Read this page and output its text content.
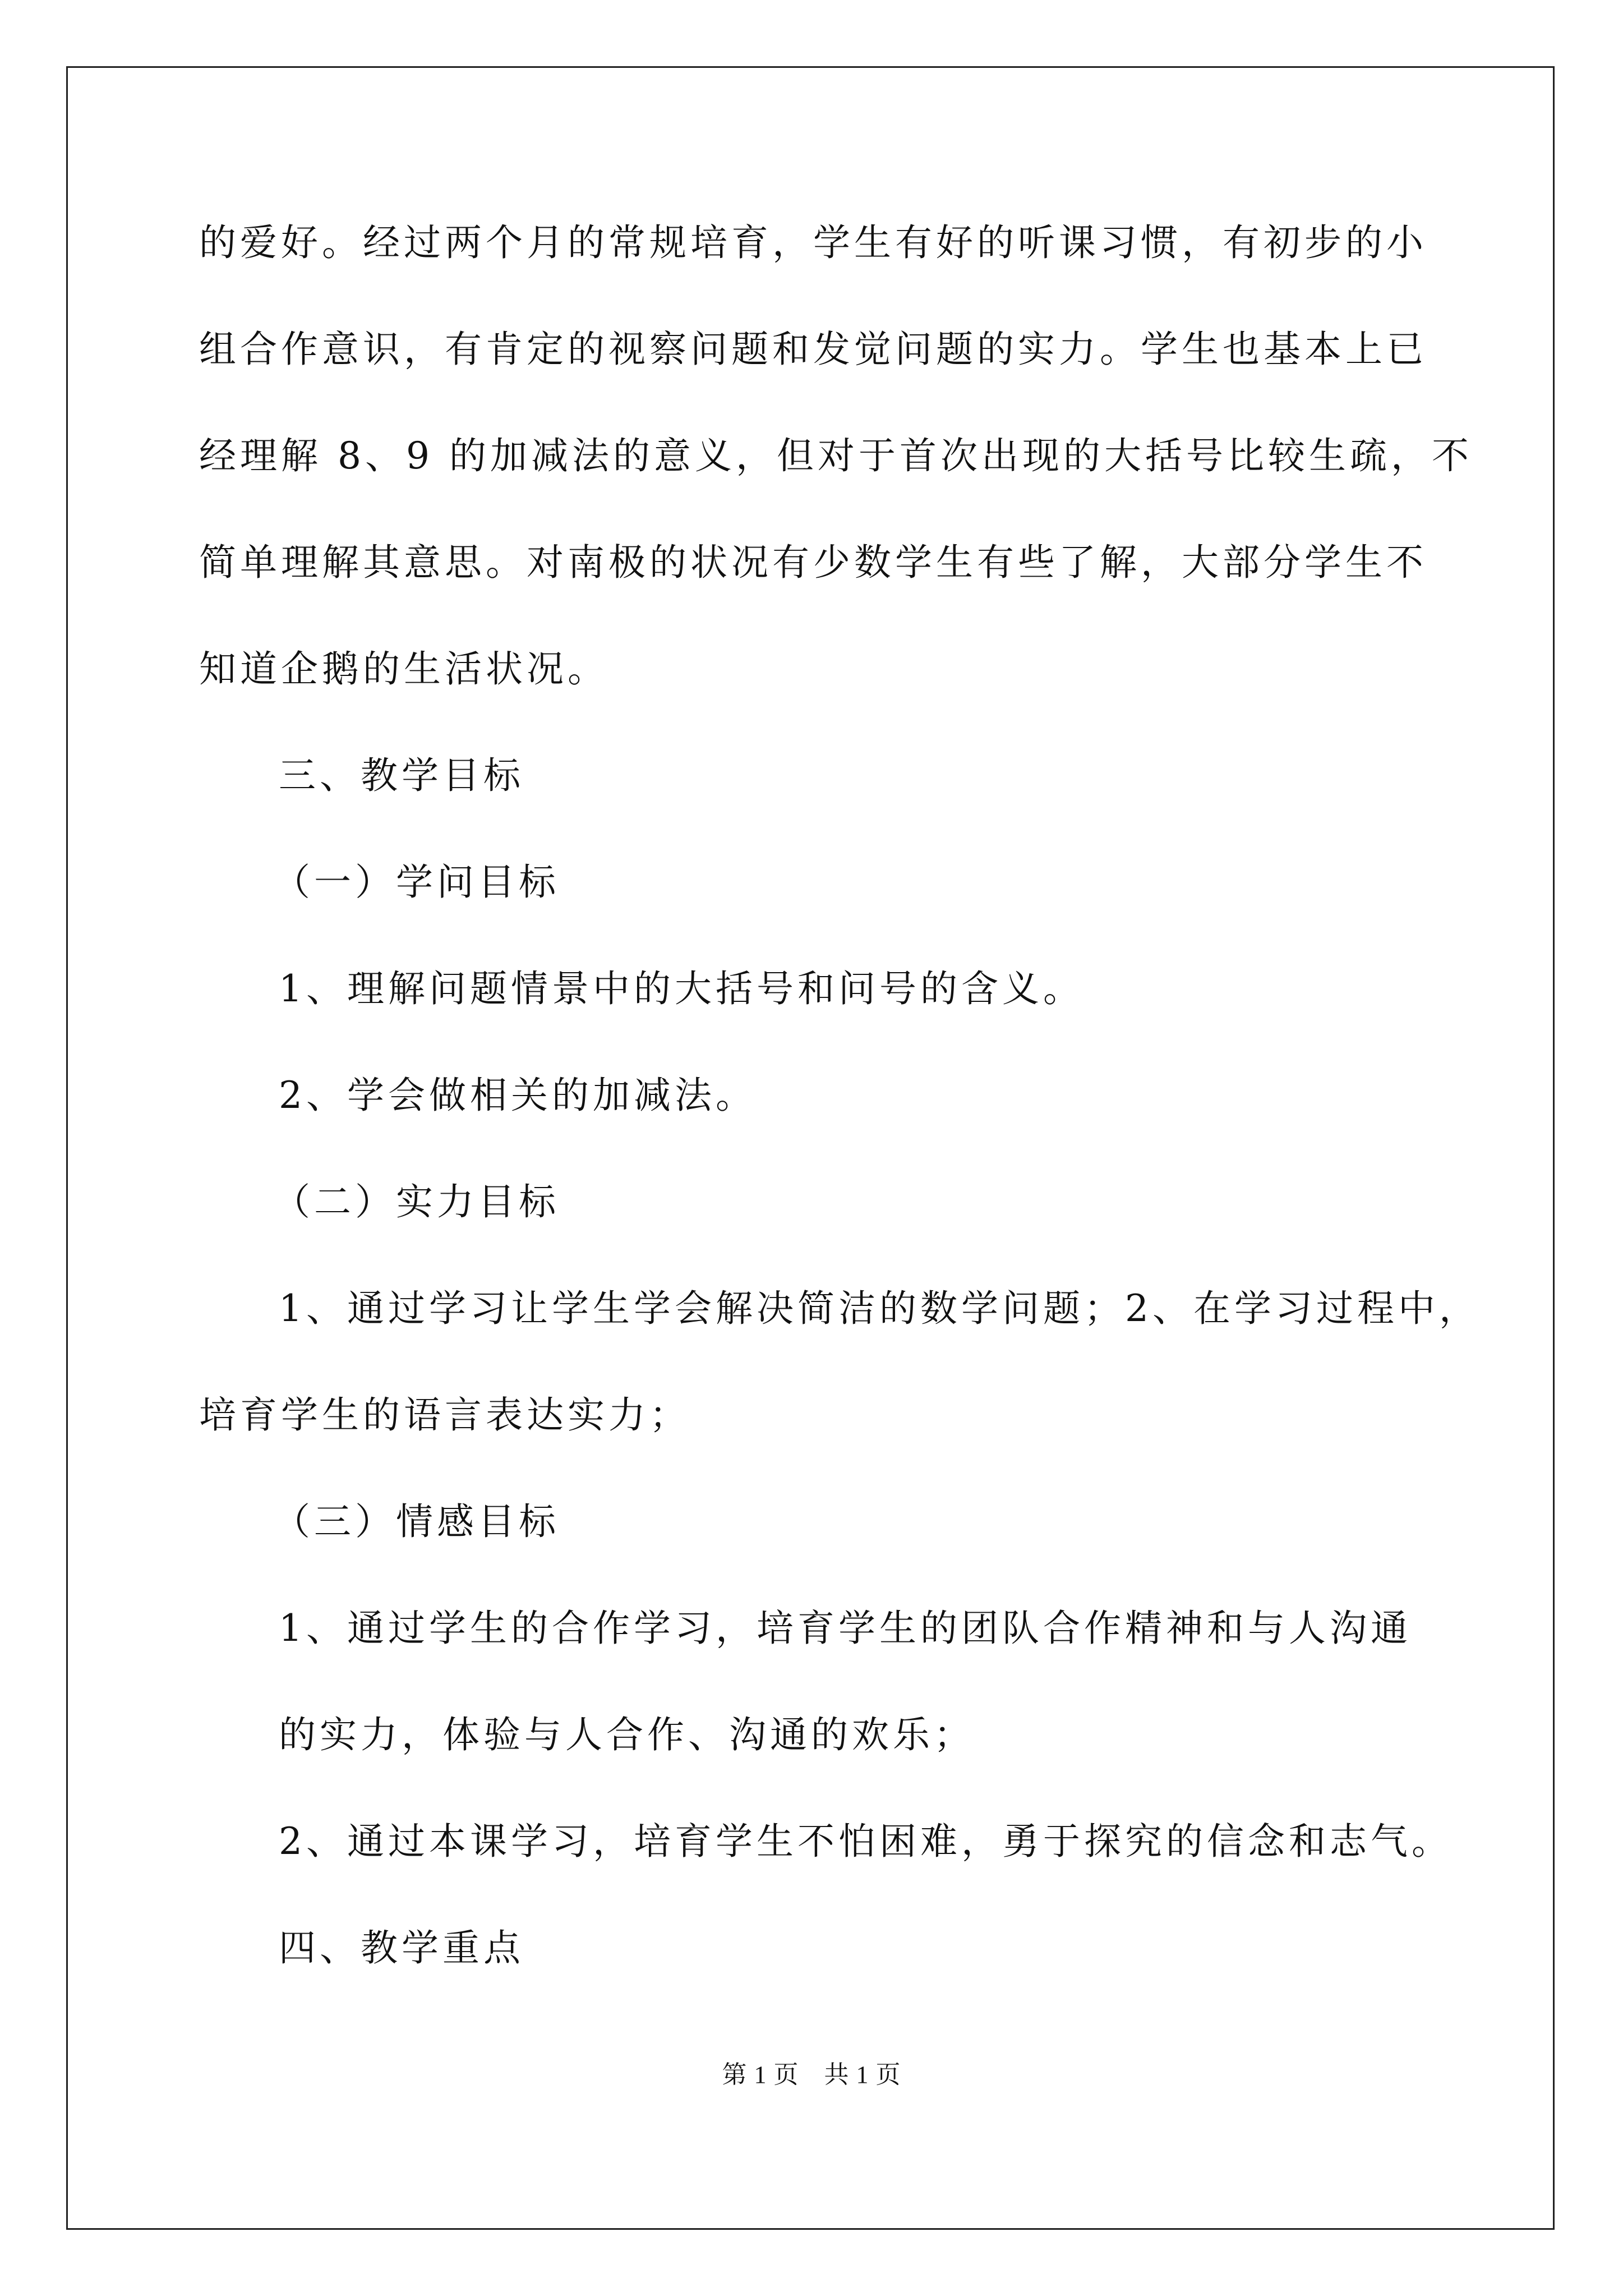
的爱好。经过两个月的常规培育，学生有好的听课习惯，有初步的小
组合作意识，有肯定的视察问题和发觉问题的实力。学生也基本上已
经理解 8、9 的加减法的意义，但对于首次出现的大括号比较生疏，不
简单理解其意思。对南极的状况有少数学生有些了解，大部分学生不
知道企鹅的生活状况。
三、教学目标
（一）学问目标
1、理解问题情景中的大括号和问号的含义。
2、学会做相关的加减法。
（二）实力目标
1、通过学习让学生学会解决简洁的数学问题；2、在学习过程中，
培育学生的语言表达实力；
（三）情感目标
1、通过学生的合作学习，培育学生的团队合作精神和与人沟通
的实力，体验与人合作、沟通的欢乐；
2、通过本课学习，培育学生不怕困难，勇于探究的信念和志气。
四、教学重点
第 1 页　共 1 页
